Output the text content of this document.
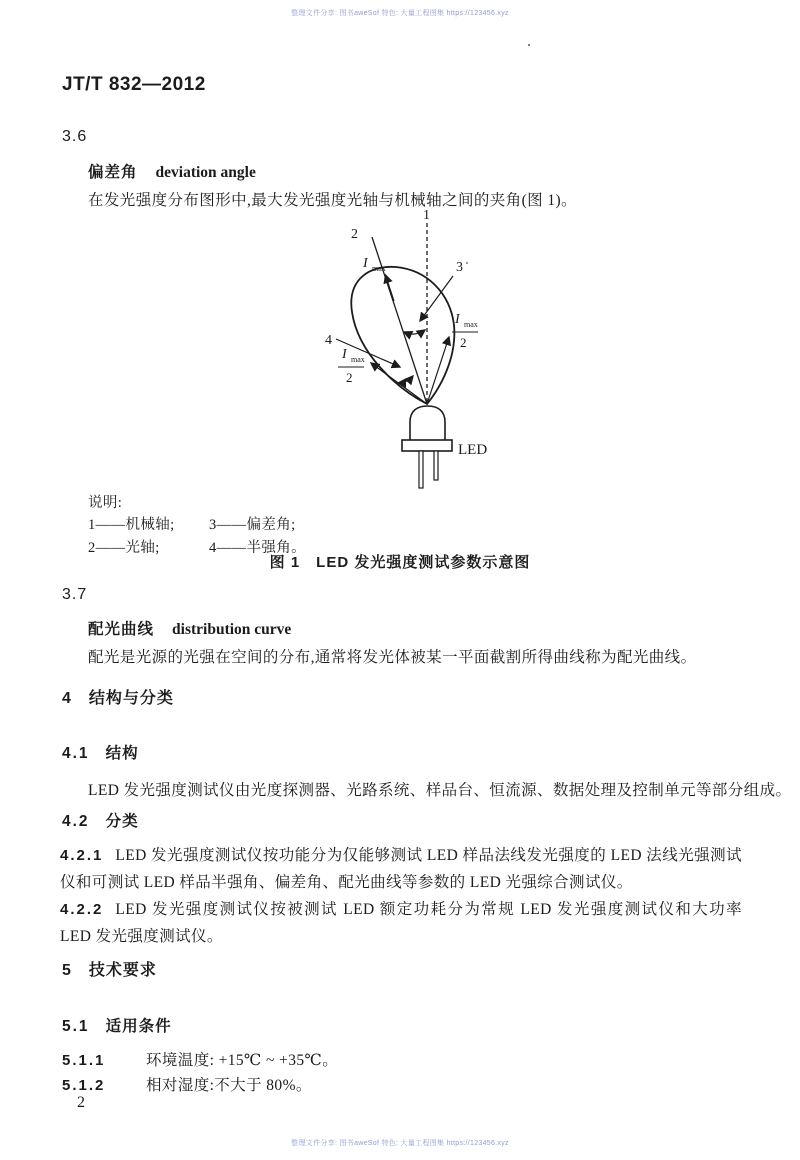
整理文件分享: 图书aweSof 特色: 大量工程图集 https://123456.xyz
整理文件分享: 图书aweSof 特色: 大量工程图集 https://123456.xyz
JT/T 832—2012
3.6
偏差角 deviation angle
在发光强度分布图形中,最大发光强度光轴与机械轴之间的夹角(图 1)。
1
2
I max	3
I max
2
4
I max
2
LED
说明:
1——机械轴; 3——偏差角;
2——光轴;	4——半强角。
图 1　LED 发光强度测试参数示意图
3.7
配光曲线 distribution curve
配光是光源的光强在空间的分布,通常将发光体被某一平面截割所得曲线称为配光曲线。
4 结构与分类
4.1 结构
LED 发光强度测试仪由光度探测器、光路系统、样品台、恒流源、数据处理及控制单元等部分组成。
4.2 分类
4.2.1 LED 发光强度测试仪按功能分为仅能够测试 LED 样品法线发光强度的 LED 法线光强测试仪和可测试 LED 样品半强角、偏差角、配光曲线等参数的 LED 光强综合测试仪。
4.2.2 LED 发光强度测试仪按被测试 LED 额定功耗分为常规 LED 发光强度测试仪和大功率 LED 发光强度测试仪。
5 技术要求
5.1 适用条件
5.1.1	环境温度: +15℃ ~ +35℃。
5.1.2	相对湿度:不大于 80%。
2
